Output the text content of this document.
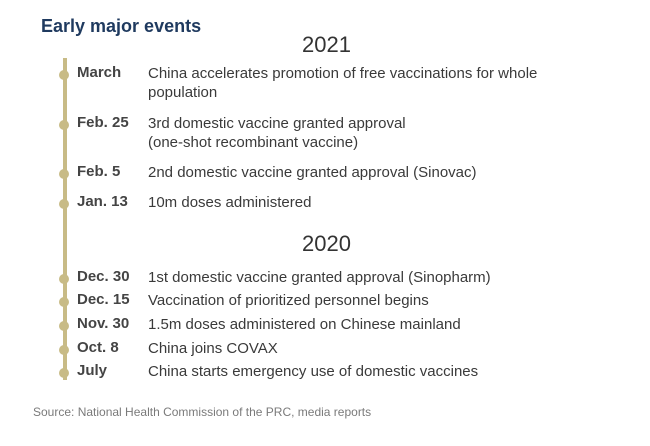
Early major events
2021
March	China accelerates promotion of free vaccinations for whole population
Feb. 25	3rd domestic vaccine granted approval (one-shot recombinant vaccine)
Feb. 5	2nd domestic vaccine granted approval (Sinovac)
Jan. 13	10m doses administered
2020
Dec. 30	1st domestic vaccine granted approval (Sinopharm)
Dec. 15	Vaccination of prioritized personnel begins
Nov. 30	1.5m doses administered on Chinese mainland
Oct. 8	China joins COVAX
July	China starts emergency use of domestic vaccines
Source: National Health Commission of the PRC, media reports
